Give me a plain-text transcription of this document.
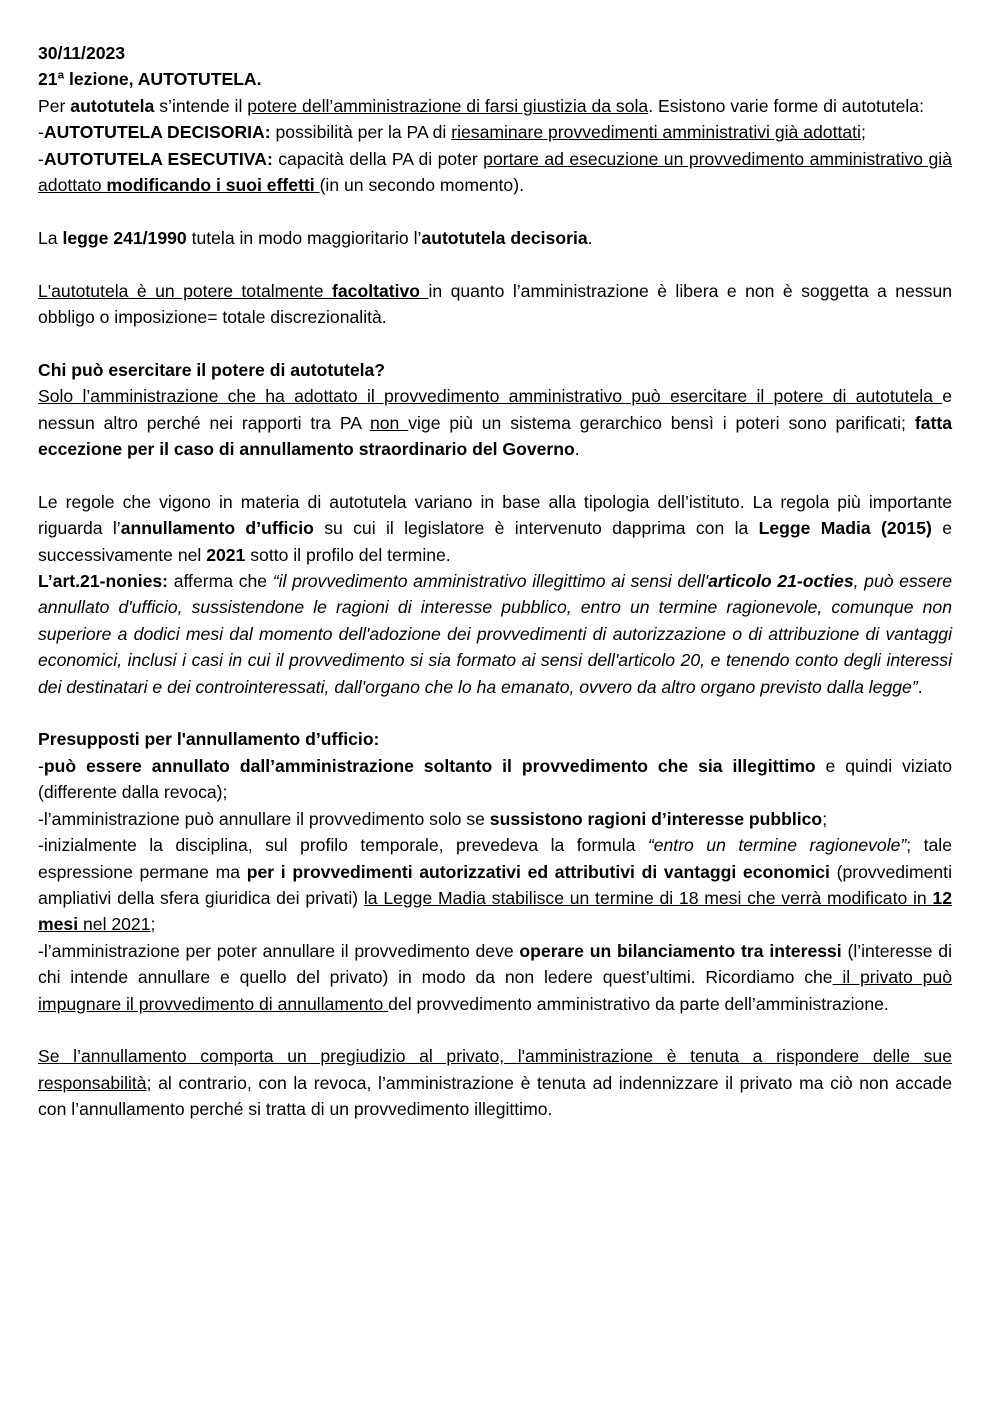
30/11/2023

21ª lezione, AUTOTUTELA.

Per autotutela s’intende il potere dell’amministrazione di farsi giustizia da sola. Esistono varie forme di autotutela:

-AUTOTUTELA DECISORIA: possibilità per la PA di riesaminare provvedimenti amministrativi già adottati;

-AUTOTUTELA ESECUTIVA: capacità della PA di poter portare ad esecuzione un provvedimento amministrativo già adottato modificando i suoi effetti (in un secondo momento).

La legge 241/1990 tutela in modo maggioritario l’autotutela decisoria.

L'autotutela è un potere totalmente facoltativo in quanto l’amministrazione è libera e non è soggetta a nessun obbligo o imposizione= totale discrezionalità.

Chi può esercitare il potere di autotutela?

Solo l’amministrazione che ha adottato il provvedimento amministrativo può esercitare il potere di autotutela e nessun altro perché nei rapporti tra PA non vige più un sistema gerarchico bensì i poteri sono parificati; fatta eccezione per il caso di annullamento straordinario del Governo.

Le regole che vigono in materia di autotutela variano in base alla tipologia dell’istituto. La regola più importante riguarda l’annullamento d’ufficio su cui il legislatore è intervenuto dapprima con la Legge Madia (2015) e successivamente nel 2021 sotto il profilo del termine.

L’art.21-nonies: afferma che “il provvedimento amministrativo illegittimo ai sensi dell'articolo 21-octies, può essere annullato d'ufficio, sussistendone le ragioni di interesse pubblico, entro un termine ragionevole, comunque non superiore a dodici mesi dal momento dell'adozione dei provvedimenti di autorizzazione o di attribuzione di vantaggi economici, inclusi i casi in cui il provvedimento si sia formato ai sensi dell'articolo 20, e tenendo conto degli interessi dei destinatari e dei controinteressati, dall'organo che lo ha emanato, ovvero da altro organo previsto dalla legge”.

Presupposti per l'annullamento d’ufficio:

-può essere annullato dall’amministrazione soltanto il provvedimento che sia illegittimo e quindi viziato (differente dalla revoca);

-l’amministrazione può annullare il provvedimento solo se sussistono ragioni d’interesse pubblico;

-inizialmente la disciplina, sul profilo temporale, prevedeva la formula “entro un termine ragionevole”; tale espressione permane ma per i provvedimenti autorizzativi ed attributivi di vantaggi economici (provvedimenti ampliativi della sfera giuridica dei privati) la Legge Madia stabilisce un termine di 18 mesi che verrà modificato in 12 mesi nel 2021;

-l’amministrazione per poter annullare il provvedimento deve operare un bilanciamento tra interessi (l’interesse di chi intende annullare e quello del privato) in modo da non ledere quest’ultimi. Ricordiamo che il privato può impugnare il provvedimento di annullamento del provvedimento amministrativo da parte dell’amministrazione.

Se l’annullamento comporta un pregiudizio al privato, l'amministrazione è tenuta a rispondere delle sue responsabilità; al contrario, con la revoca, l’amministrazione è tenuta ad indennizzare il privato ma ciò non accade con l’annullamento perché si tratta di un provvedimento illegittimo.
